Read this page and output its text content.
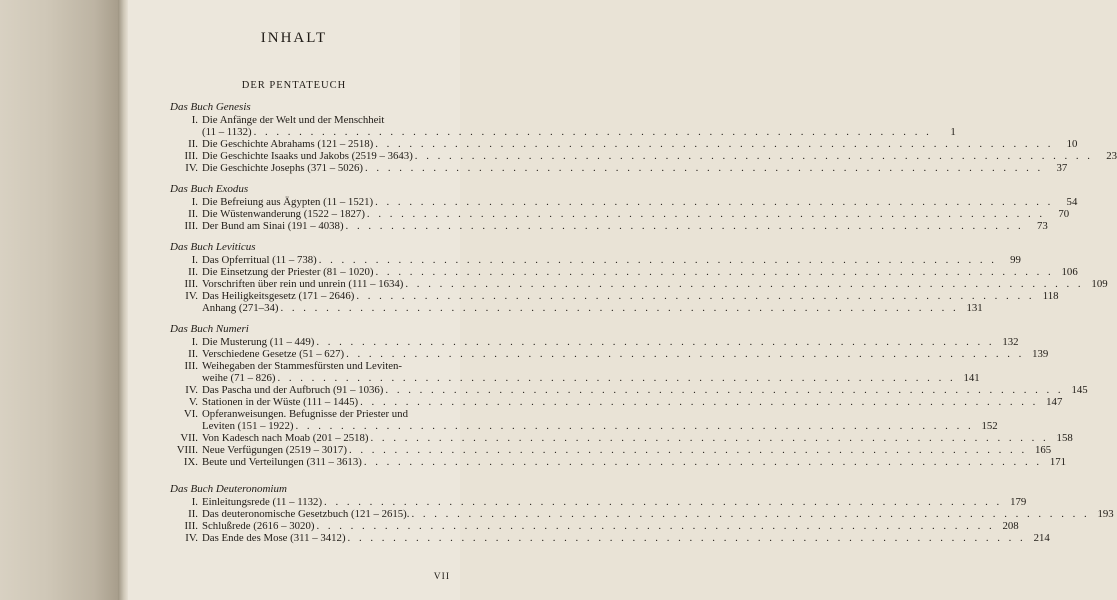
INHALT
DER PENTATEUCH
Das Buch Genesis
I. Die Anfänge der Welt und der Menschheit
(11 – 1132) . . . . . . . . . . . . . . . . . . . . . . . . . . . . . . . . . . . . . . . . . . . . . . . . . . . . . . . . . . . .	1
II. Die Geschichte Abrahams (121 – 2518) . . . . . . . . . . . . . . . . . . . . . . . . . . . . . . . . . . . . . . . . . . . . . . . . . . . . . . . . . . . .	10
III. Die Geschichte Isaaks und Jakobs (2519 – 3643) . . . . . . . . . . . . . . . . . . . . . . . . . . . . . . . . . . . . . . . . . . . . . . . . . . . . . . . . . . . .	23
IV. Die Geschichte Josephs (371 – 5026) . . . . . . . . . . . . . . . . . . . . . . . . . . . . . . . . . . . . . . . . . . . . . . . . . . . . . . . . . . . .	37
Das Buch Exodus
I. Die Befreiung aus Ägypten (11 – 1521) . . . . . . . . . . . . . . . . . . . . . . . . . . . . . . . . . . . . . . . . . . . . . . . . . . . . . . . . . . . .	54
II. Die Wüstenwanderung (1522 – 1827) . . . . . . . . . . . . . . . . . . . . . . . . . . . . . . . . . . . . . . . . . . . . . . . . . . . . . . . . . . . .	70
III. Der Bund am Sinai (191 – 4038) . . . . . . . . . . . . . . . . . . . . . . . . . . . . . . . . . . . . . . . . . . . . . . . . . . . . . . . . . . . .	73
Das Buch Leviticus
I. Das Opferritual (11 – 738) . . . . . . . . . . . . . . . . . . . . . . . . . . . . . . . . . . . . . . . . . . . . . . . . . . . . . . . . . . . .	99
II. Die Einsetzung der Priester (81 – 1020) . . . . . . . . . . . . . . . . . . . . . . . . . . . . . . . . . . . . . . . . . . . . . . . . . . . . . . . . . . . . 106
III. Vorschriften über rein und unrein (111 – 1634) . . . . . . . . . . . . . . . . . . . . . . . . . . . . . . . . . . . . . . . . . . . . . . . . . . . . . . . . . . . . 109
IV. Das Heiligkeitsgesetz (171 – 2646) . . . . . . . . . . . . . . . . . . . . . . . . . . . . . . . . . . . . . . . . . . . . . . . . . . . . . . . . . . . . 118
Anhang (271–34) . . . . . . . . . . . . . . . . . . . . . . . . . . . . . . . . . . . . . . . . . . . . . . . . . . . . . . . . . . . . 131
Das Buch Numeri
I. Die Musterung (11 – 449) . . . . . . . . . . . . . . . . . . . . . . . . . . . . . . . . . . . . . . . . . . . . . . . . . . . . . . . . . . . . 132
II. Verschiedene Gesetze (51 – 627) . . . . . . . . . . . . . . . . . . . . . . . . . . . . . . . . . . . . . . . . . . . . . . . . . . . . . . . . . . . . 139
III. Weihegaben der Stammesfürsten und Leviten-
weihe (71 – 826) . . . . . . . . . . . . . . . . . . . . . . . . . . . . . . . . . . . . . . . . . . . . . . . . . . . . . . . . . . . . 141
IV. Das Pascha und der Aufbruch (91 – 1036) . . . . . . . . . . . . . . . . . . . . . . . . . . . . . . . . . . . . . . . . . . . . . . . . . . . . . . . . . . . . 145
V. Stationen in der Wüste (111 – 1445) . . . . . . . . . . . . . . . . . . . . . . . . . . . . . . . . . . . . . . . . . . . . . . . . . . . . . . . . . . . . 147
VI. Opferanweisungen. Befugnisse der Priester und
Leviten (151 – 1922) . . . . . . . . . . . . . . . . . . . . . . . . . . . . . . . . . . . . . . . . . . . . . . . . . . . . . . . . . . . . 152
VII. Von Kadesch nach Moab (201 – 2518) . . . . . . . . . . . . . . . . . . . . . . . . . . . . . . . . . . . . . . . . . . . . . . . . . . . . . . . . . . . . 158
VIII. Neue Verfügungen (2519 – 3017) . . . . . . . . . . . . . . . . . . . . . . . . . . . . . . . . . . . . . . . . . . . . . . . . . . . . . . . . . . . . 165
IX. Beute und Verteilungen (311 – 3613) . . . . . . . . . . . . . . . . . . . . . . . . . . . . . . . . . . . . . . . . . . . . . . . . . . . . . . . . . . . . 171
Das Buch Deuteronomium
I. Einleitungsrede (11 – 1132) . . . . . . . . . . . . . . . . . . . . . . . . . . . . . . . . . . . . . . . . . . . . . . . . . . . . . . . . . . . . 179
II. Das deuteronomische Gesetzbuch (121 – 2615). . . . . . . . . . . . . . . . . . . . . . . . . . . . . . . . . . . . . . . . . . . . . . . . . . . . . . . . . . . . . 193
III. Schlußrede (2616 – 3020) . . . . . . . . . . . . . . . . . . . . . . . . . . . . . . . . . . . . . . . . . . . . . . . . . . . . . . . . . . . . 208
IV. Das Ende des Mose (311 – 3412) . . . . . . . . . . . . . . . . . . . . . . . . . . . . . . . . . . . . . . . . . . . . . . . . . . . . . . . . . . . . 214
VII
